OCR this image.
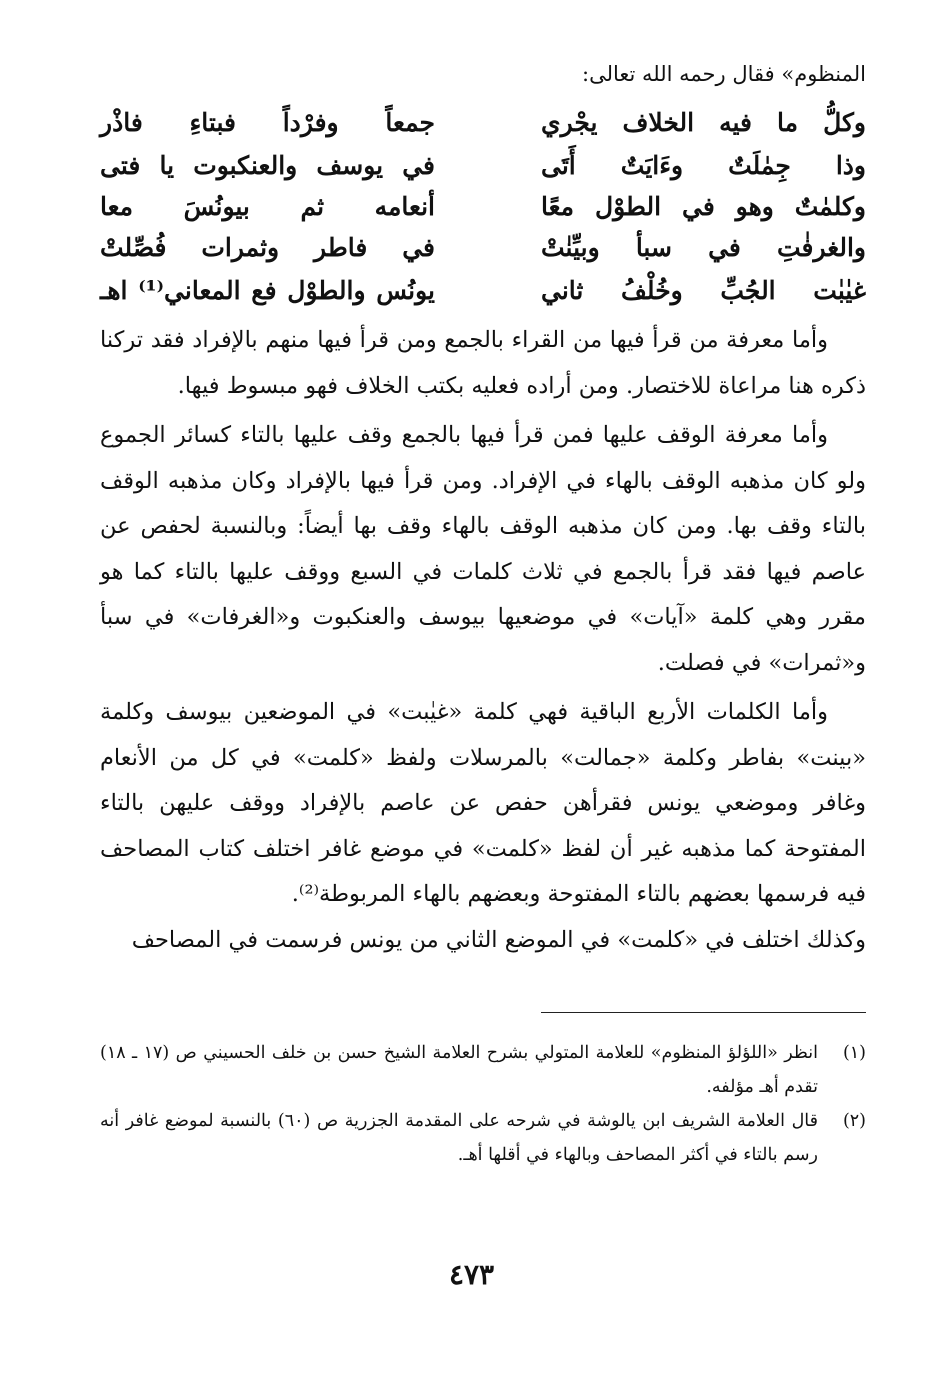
المنظوم» فقال رحمه الله تعالى:
وكلُّ ما فيه الخلاف يجْري
جمعاً وفرْداً فبتاءِ فاذْر
وذا جِمٰلَتٌ وءَايَتٌ أَتَى
في يوسف والعنكبوت يا فتى
وكلمٰتٌ وهو في الطوْل معًا
أنعامه ثم بيونُسَ معا
والغرفٰتِ في سبأ وبيِّنٰتْ
في فاطر وثمرات فُصِّلتْ
غيٰبٰت الجُبِّ وخُلْفُ ثاني
يونُس والطوْل فع المعاني⁽¹⁾ اهـ

وأما معرفة من قرأ فيها من القراء بالجمع ومن قرأ فيها منهم بالإفراد فقد تركنا ذكره هنا مراعاة للاختصار. ومن أراده فعليه بكتب الخلاف فهو مبسوط فيها.

وأما معرفة الوقف عليها فمن قرأ فيها بالجمع وقف عليها بالتاء كسائر الجموع ولو كان مذهبه الوقف بالهاء في الإفراد. ومن قرأ فيها بالإفراد وكان مذهبه الوقف بالتاء وقف بها. ومن كان مذهبه الوقف بالهاء وقف بها أيضاً: وبالنسبة لحفص عن عاصم فيها فقد قرأ بالجمع في ثلاث كلمات في السبع ووقف عليها بالتاء كما هو مقرر وهي كلمة «آيات» في موضعيها بيوسف والعنكبوت و«الغرفات» في سبأ و«ثمرات» في فصلت.

وأما الكلمات الأربع الباقية فهي كلمة «غيٰبت» في الموضعين بيوسف وكلمة «بينت» بفاطر وكلمة «جمالت» بالمرسلات ولفظ «كلمت» في كل من الأنعام وغافر وموضعي يونس فقرأهن حفص عن عاصم بالإفراد ووقف عليهن بالتاء المفتوحة كما مذهبه غير أن لفظ «كلمت» في موضع غافر اختلف كتاب المصاحف فيه فرسمها بعضهم بالتاء المفتوحة وبعضهم بالهاء المربوطة⁽²⁾.

وكذلك اختلف في «كلمت» في الموضع الثاني من يونس فرسمت في المصاحف

(١)
انظر «اللؤلؤ المنظوم» للعلامة المتولي بشرح العلامة الشيخ حسن بن خلف الحسيني ص (١٧ ـ ١٨) تقدم أهـ مؤلفه.
(٢)
قال العلامة الشريف ابن يالوشة في شرحه على المقدمة الجزرية ص (٦٠) بالنسبة لموضع غافر أنه رسم بالتاء في أكثر المصاحف وبالهاء في أقلها أهـ.
٤٧٣
